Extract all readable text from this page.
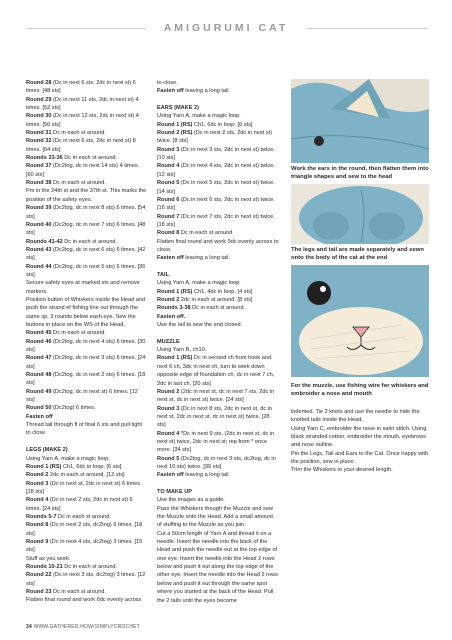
AMIGURUMI CAT

Round 28 (Dc in next 6 sts, 2dc in next st) 6 times. [48 sts]

Round 29 (Dc in next 11 sts, 2dc in next st) 4 times. [52 sts]

Round 30 (Dc in next 12 sts, 2dc in next st) 4 times. [56 sts]

Round 31 Dc in each st around.

Round 32 (Dc in next 6 sts, 2dc in next st) 8 times. [64 sts]

Rounds 33-36 Dc in each st around.

Round 37 (Dc2tog, dc in next 14 sts) 4 times. [60 sts]

Round 38 Dc in each st around.

Pm in the 24th st and the 37th st. This marks the position of the safety eyes.

Round 39 (Dc2tog, dc in next 8 sts) 6 times. [54 sts]

Round 40 (Dc2tog, dc in next 7 sts) 6 times. [48 sts]

Rounds 41-42 Dc in each st around.

Round 43 (Dc2tog, dc in next 6 sts) 6 times. [42 sts]

Round 44 (Dc2tog, dc in next 5 sts) 6 times. [36 sts]

Secure safety eyes at marked sts and remove markers.

Position button of Whiskers inside the Head and push the strand of fishing line out through the same sp, 3 rounds below each eye. Sew the buttons in place on the WS of the Head.

Round 45 Dc in each st around.

Round 46 (Dc2tog, dc in next 4 sts) 6 times. [30 sts]

Round 47 (Dc2tog, dc in next 3 sts) 6 times. [24 sts]

Round 48 (Dc2tog, dc in next 2 sts) 6 times. [18 sts]

Round 49 (Dc2tog, dc in next st) 6 times. [12 sts]

Round 50 (Dc2tog) 6 times.

Fasten off

Thread tail through fl of final 6 sts and pull tight to close.

LEGS (MAKE 2)

Using Yarn A, make a magic loop.

Round 1 (RS) Ch1, 6dc in loop. [6 sts]

Round 2 2dc in each st around. [12 sts]

Round 3 (Dc in next st, 2dc in next st) 6 times. [18 sts]

Round 4 (Dc in next 2 sts, 2dc in next st) 6 times. [24 sts]

Rounds 5-7 Dc in each st around.

Round 8 (Dc in next 2 sts, dc2tog) 6 times. [18 sts]

Round 9 (Dc in next 4 sts, dc2tog) 3 times. [15 sts]

Stuff as you work.

Rounds 10-21 Dc in each st around.

Round 22 (Dc in next 3 sts, dc2tog) 3 times. [12 sts]

Round 23 Dc in each st around.

Flatten final round and work 6dc evenly across

to close.

Fasten off leaving a long tail.

EARS (MAKE 2)

Using Yarn A, make a magic loop.

Round 1 (RS) Ch1, 6dc in loop. [6 sts]

Round 2 (RS) (Dc in next 2 sts, 2dc in next st) twice. [8 sts]

Round 3 (Dc in next 3 sts, 2dc in next st) twice. [10 sts]

Round 4 (Dc in next 4 sts, 2dc in next st) twice. [12 sts]

Round 5 (Dc in next 5 sts, 2dc in next st) twice. [14 sts]

Round 6 (Dc in next 6 sts, 2dc in next st) twice. [16 sts]

Round 7 (Dc in next 7 sts, 2dc in next st) twice. [18 sts]

Round 8 Dc in each st around.

Flatten final round and work 9dc evenly across to close.

Fasten off leaving a long tail.

TAIL

Using Yarn A, make a magic loop.

Round 1 (RS) Ch1, 4dc in loop. [4 sts]

Round 2 2dc in each st around. [8 sts]

Rounds 3-38 Dc in each st around.

Fasten off.

Use the tail to sew the end closed.

MUZZLE

Using Yarn B, ch10.

Round 1 (RS) Dc in second ch from hook and next 6 ch, 3dc in next ch, turn to work down opposite edge of foundation ch, dc in next 7 ch, 2dc in last ch. [20 sts]

Round 2 (2dc in next st, dc in next 7 sts, 2dc in next st, dc in next st) twice. [24 sts]

Round 3 (Dc in next 8 sts, 2dc in next st, dc in next st, 2dc in next st, dc in next st) twice. [28 sts]

Round 4 *Dc in next 9 sts, (2dc in next st, dc in next st) twice, 2dc in next st; rep from * once more. [34 sts]

Round 5 (Dc2tog, dc in next 3 sts, dc2tog, dc in next 10 sts) twice. [30 sts]

Fasten off leaving a long tail.

TO MAKE UP

Use the images as a guide.

Pass the Whiskers though the Muzzle and sew the Muzzle onto the Head. Add a small amount of stuffing to the Muzzle as you join.

Cut a 50cm length of Yarn A and thread it on a needle. Insert the needle into the back of the Head and push the needle out at the top edge of one eye. Insert the needle into the Head 2 rows below and push it out along the top edge of the other eye. Insert the needle into the Head 2 rows below and push it out through the same spot where you started at the back of the Head. Pull the 2 tails until the eyes become

Work the ears in the round, then flatten them into triangle shapes and sew to the head
The legs and tail are made separately and sewn onto the body of the cat at the end
For the muzzle, use fishing wire for whiskers and embroider a nose and mouth

indented. Tie 2 knots and use the needle to hide the knotted tails inside the Head.

Using Yarn C, embroider the nose in satin stitch. Using black stranded cotton, embroider the mouth, eyebrows and nose outline.

Pin the Legs, Tail and Ears to the Cat. Once happy with the position, sew in place.

Trim the Whiskers to your desired length.

34 WWW.GATHERED.HOW/SIMPLYCROCHET
